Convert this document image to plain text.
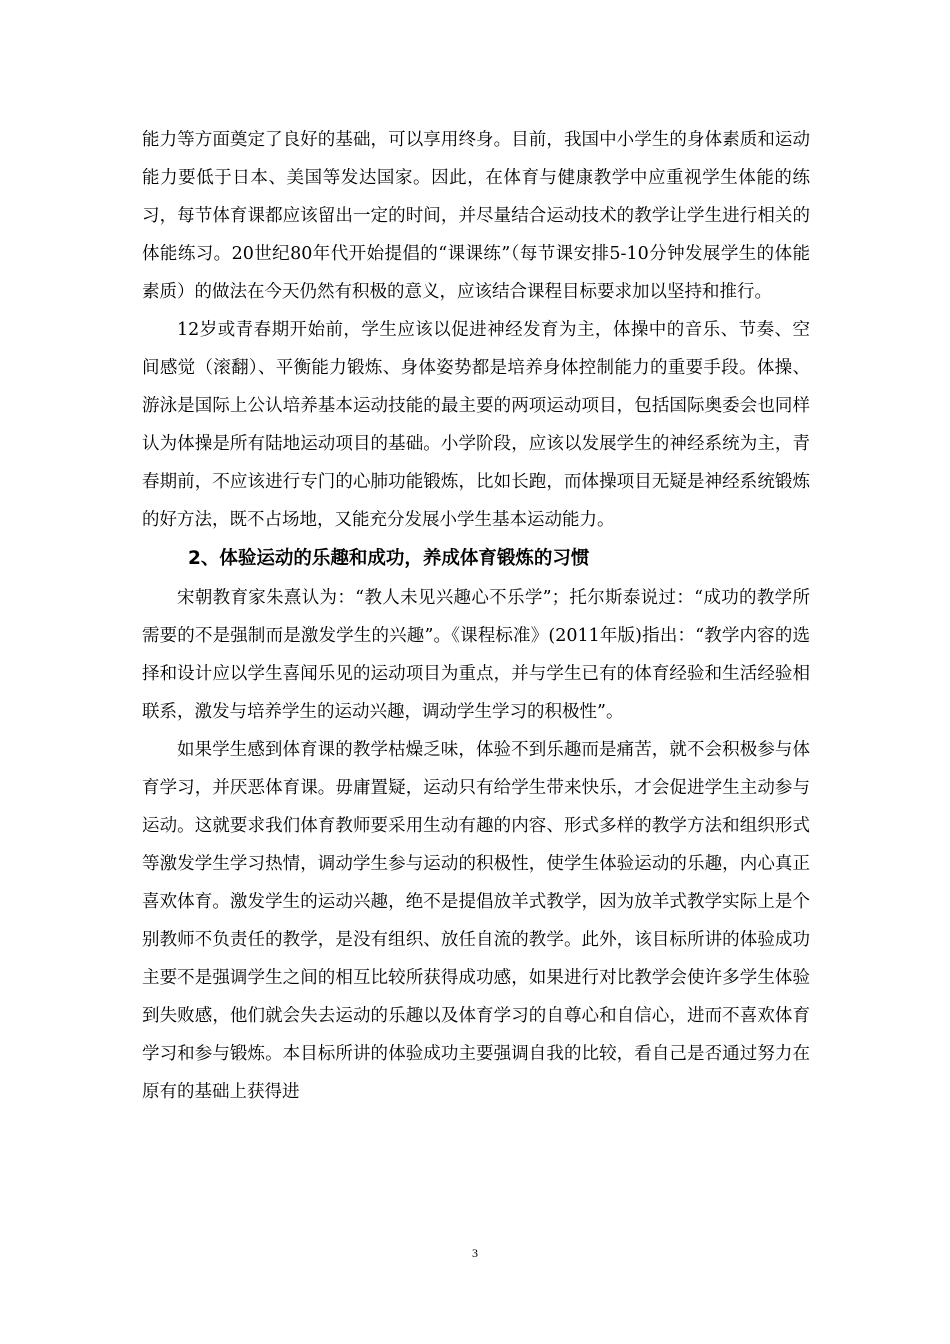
能力等方面奠定了良好的基础，可以享用终身。目前，我国中小学生的身体素质和运动能力要低于日本、美国等发达国家。因此，在体育与健康教学中应重视学生体能的练习，每节体育课都应该留出一定的时间，并尽量结合运动技术的教学让学生进行相关的体能练习。20世纪80年代开始提倡的“课课练”（每节课安排5-10分钟发展学生的体能素质）的做法在今天仍然有积极的意义，应该结合课程目标要求加以坚持和推行。

12岁或青春期开始前，学生应该以促进神经发育为主，体操中的音乐、节奏、空间感觉（滚翻）、平衡能力锻炼、身体姿势都是培养身体控制能力的重要手段。体操、游泳是国际上公认培养基本运动技能的最主要的两项运动项目，包括国际奥委会也同样认为体操是所有陆地运动项目的基础。小学阶段，应该以发展学生的神经系统为主，青春期前，不应该进行专门的心肺功能锻炼，比如长跑，而体操项目无疑是神经系统锻炼的好方法，既不占场地，又能充分发展小学生基本运动能力。

2、体验运动的乐趣和成功，养成体育锻炼的习惯

宋朝教育家朱熹认为：“教人未见兴趣心不乐学”；托尔斯泰说过：“成功的教学所需要的不是强制而是激发学生的兴趣”。《课程标准》(2011年版)指出：“教学内容的选择和设计应以学生喜闻乐见的运动项目为重点，并与学生已有的体育经验和生活经验相联系，激发与培养学生的运动兴趣，调动学生学习的积极性”。

如果学生感到体育课的教学枯燥乏味，体验不到乐趣而是痛苦，就不会积极参与体育学习，并厌恶体育课。毋庸置疑，运动只有给学生带来快乐，才会促进学生主动参与运动。这就要求我们体育教师要采用生动有趣的内容、形式多样的教学方法和组织形式等激发学生学习热情，调动学生参与运动的积极性，使学生体验运动的乐趣，内心真正喜欢体育。激发学生的运动兴趣，绝不是提倡放羊式教学，因为放羊式教学实际上是个别教师不负责任的教学，是没有组织、放任自流的教学。此外，该目标所讲的体验成功主要不是强调学生之间的相互比较所获得成功感，如果进行对比教学会使许多学生体验到失败感，他们就会失去运动的乐趣以及体育学习的自尊心和自信心，进而不喜欢体育学习和参与锻炼。本目标所讲的体验成功主要强调自我的比较，看自己是否通过努力在原有的基础上获得进

3
